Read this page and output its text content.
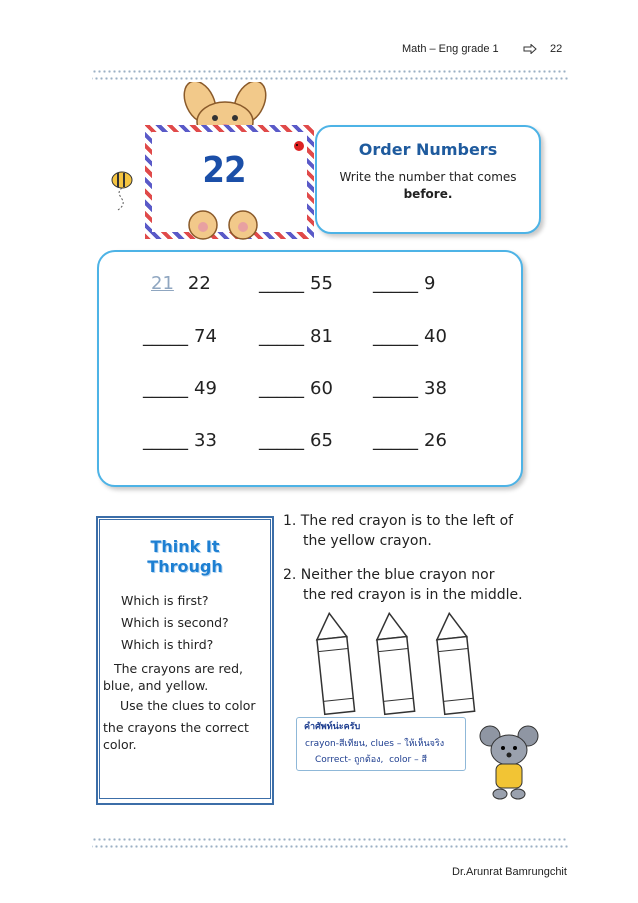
Math – Eng grade 1	22
22
Order Numbers
Write the number that comes
before.
21 22	_____ 55 _____ 9
_____ 74 _____ 81 _____ 40
_____ 49 _____ 60 _____ 38
_____ 33 _____ 65 _____ 26
Think It
Through
Which is first?
Which is second?
Which is third?
The crayons are red,
blue, and yellow.
Use the clues to color
the crayons the correct
color.
1. The red crayon is to the left of
the yellow crayon.
2. Neither the blue crayon nor
the red crayon is in the middle.
คำศัพท์น่ะครับ
crayon-สีเทียน, clues – ให้เห็นจริง
Correct- ถูกต้อง,  color – สี
Dr.Arunrat Bamrungchit
